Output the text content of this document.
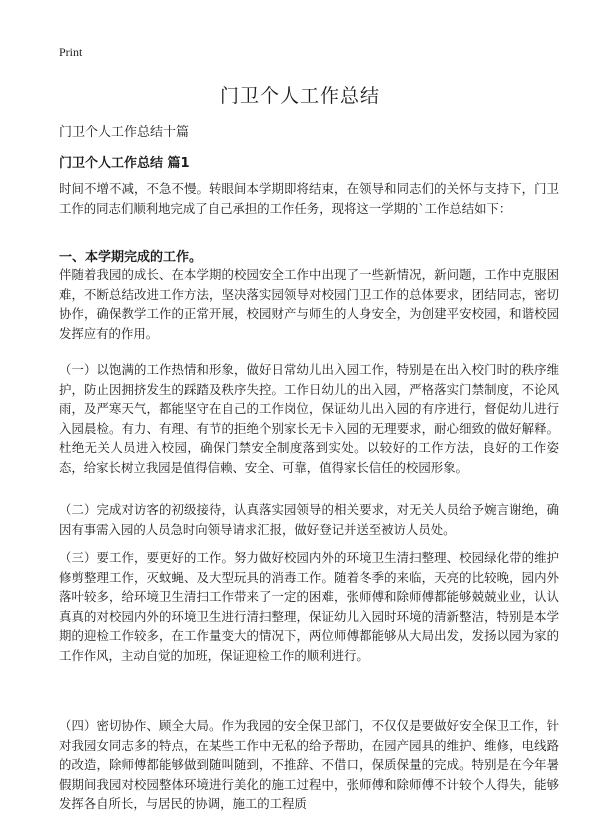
Print
门卫个人工作总结
门卫个人工作总结十篇
门卫个人工作总结 篇1
时间不增不减，不急不慢。转眼间本学期即将结束，在领导和同志们的关怀与支持下，门卫工作的同志们顺利地完成了自己承担的工作任务，现将这一学期的`工作总结如下：
一、本学期完成的工作。
伴随着我园的成长、在本学期的校园安全工作中出现了一些新情况，新问题，工作中克服困难，不断总结改进工作方法，坚决落实园领导对校园门卫工作的总体要求，团结同志，密切协作，确保教学工作的正常开展，校园财产与师生的人身安全，为创建平安校园，和谐校园发挥应有的作用。
（一）以饱满的工作热情和形象，做好日常幼儿出入园工作，特别是在出入校门时的秩序维护，防止因拥挤发生的踩踏及秩序失控。工作日幼儿的出入园，严格落实门禁制度，不论风雨，及严寒天气，都能坚守在自己的工作岗位，保证幼儿出入园的有序进行，督促幼儿进行入园晨检。有力、有理、有节的拒绝个别家长无卡入园的无理要求，耐心细致的做好解释。杜绝无关人员进入校园，确保门禁安全制度落到实处。以较好的工作方法，良好的工作姿态，给家长树立我园是值得信赖、安全、可靠，值得家长信任的校园形象。
（二）完成对访客的初级接待，认真落实园领导的相关要求，对无关人员给予婉言谢绝，确因有事需入园的人员急时向领导请求汇报，做好登记并送至被访人员处。
（三）要工作，要更好的工作。努力做好校园内外的环境卫生清扫整理、校园绿化带的维护修剪整理工作，灭蚊蝇、及大型玩具的消毒工作。随着冬季的来临，天亮的比较晚，园内外落叶较多，给环境卫生清扫工作带来了一定的困难，张师傅和除师傅都能够兢兢业业，认认真真的对校园内外的环境卫生进行清扫整理，保证幼儿入园时环境的清新整洁，特别是本学期的迎检工作较多，在工作量变大的情况下，两位师傅都能够从大局出发，发扬以园为家的工作作风，主动自觉的加班，保证迎检工作的顺利进行。
（四）密切协作、顾全大局。作为我园的安全保卫部门，不仅仅是要做好安全保卫工作，针对我园女同志多的特点，在某些工作中无私的给予帮助，在园产园具的维护、维修，电线路的改造，除师傅都能够做到随叫随到，不推辞、不借口，保质保量的完成。特别是在今年暑假期间我园对校园整体环境进行美化的施工过程中，张师傅和除师傅不计较个人得失，能够发挥各自所长，与居民的协调，施工的工程质
